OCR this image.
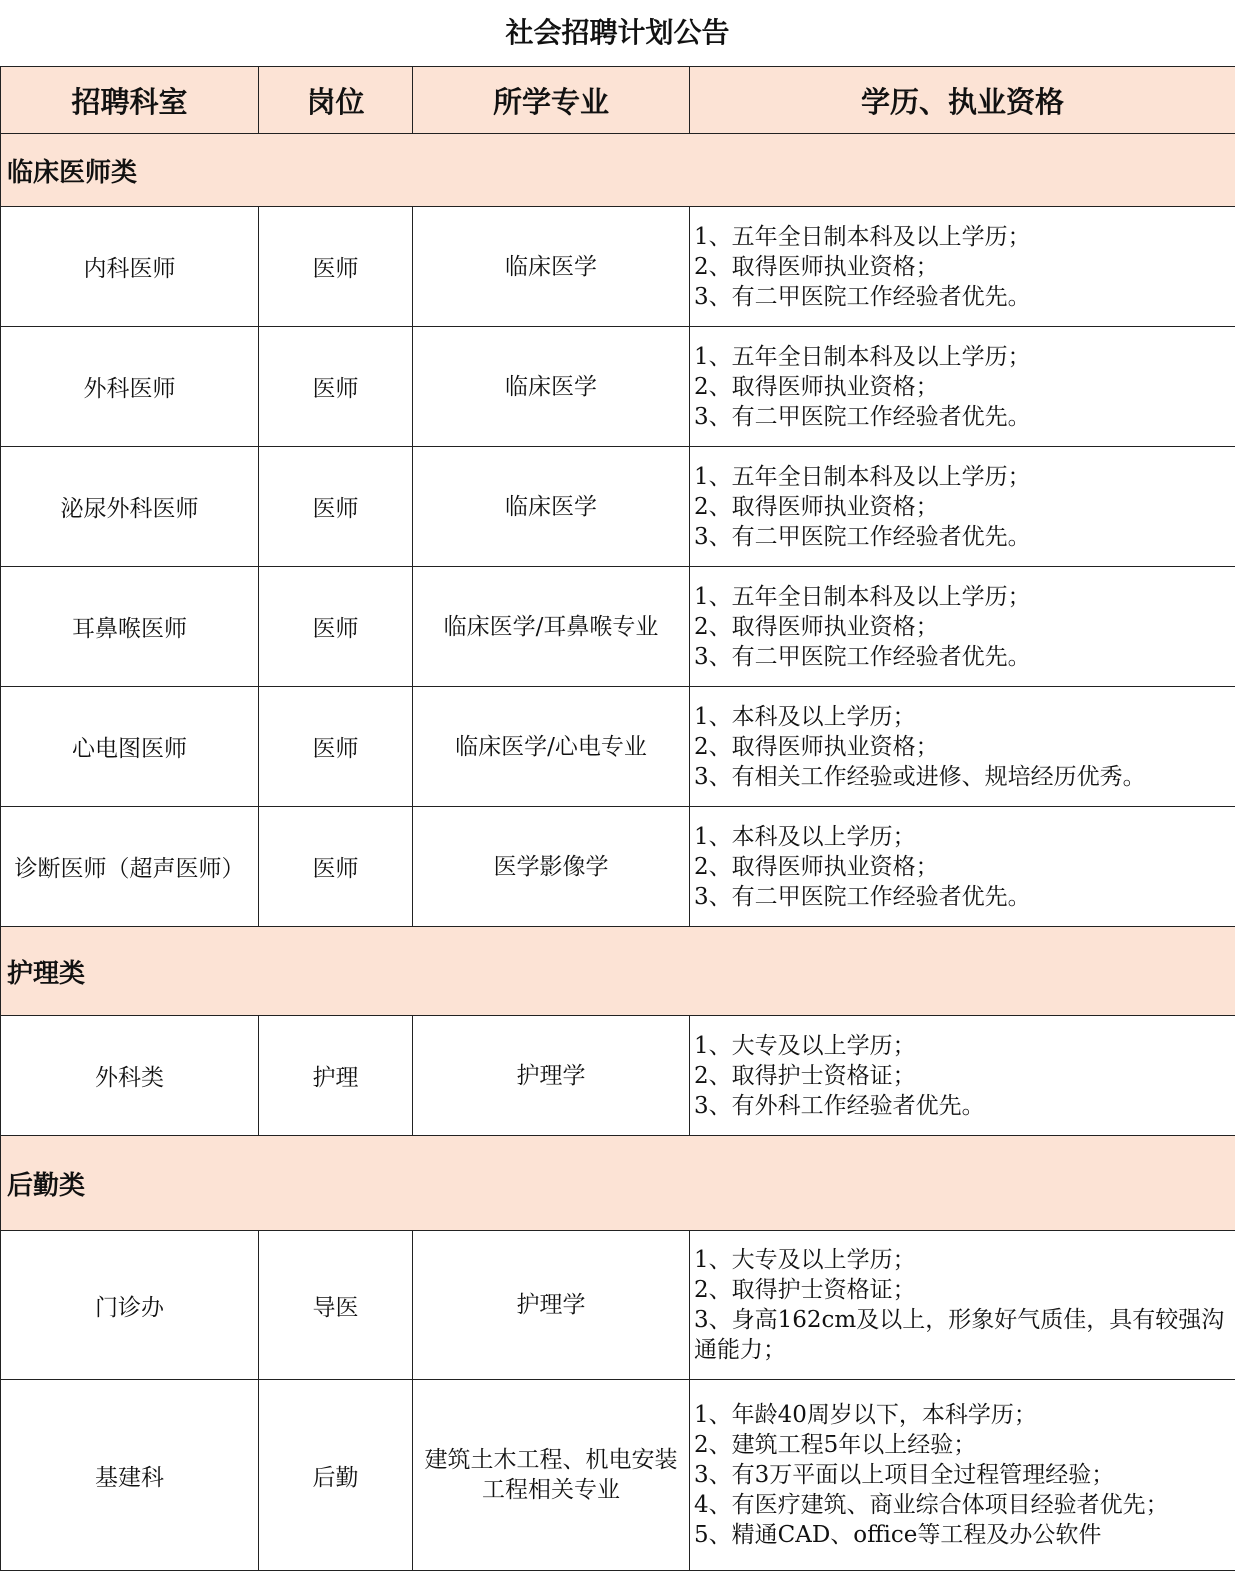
社会招聘计划公告
招聘科室	岗位	所学专业	学历、执业资格
临床医师类			
内科医师	医师	临床医学	1、五年全日制本科及以上学历；
2、取得医师执业资格；
3、有二甲医院工作经验者优先。

外科医师	医师	临床医学	1、五年全日制本科及以上学历；
2、取得医师执业资格；
3、有二甲医院工作经验者优先。

泌尿外科医师	医师	临床医学	1、五年全日制本科及以上学历；
2、取得医师执业资格；
3、有二甲医院工作经验者优先。

耳鼻喉医师	医师	临床医学/耳鼻喉专业	1、五年全日制本科及以上学历；
2、取得医师执业资格；
3、有二甲医院工作经验者优先。

心电图医师	医师	临床医学/心电专业	1、本科及以上学历；
2、取得医师执业资格；
3、有相关工作经验或进修、规培经历优秀。

诊断医师（超声医师）	医师	医学影像学	1、本科及以上学历；
2、取得医师执业资格；
3、有二甲医院工作经验者优先。

护理类			
外科类	护理	护理学	1、大专及以上学历；
2、取得护士资格证；
3、有外科工作经验者优先。

后勤类			
门诊办	导医	护理学	1、大专及以上学历；
2、取得护士资格证；
3、身高162cm及以上，形象好气质佳，具有较强沟通能力；

基建科	后勤	建筑土木工程、机电安装工程相关专业	1、年龄40周岁以下，本科学历；
2、建筑工程5年以上经验；
3、有3万平面以上项目全过程管理经验；
4、有医疗建筑、商业综合体项目经验者优先；
5、精通CAD、office等工程及办公软件
